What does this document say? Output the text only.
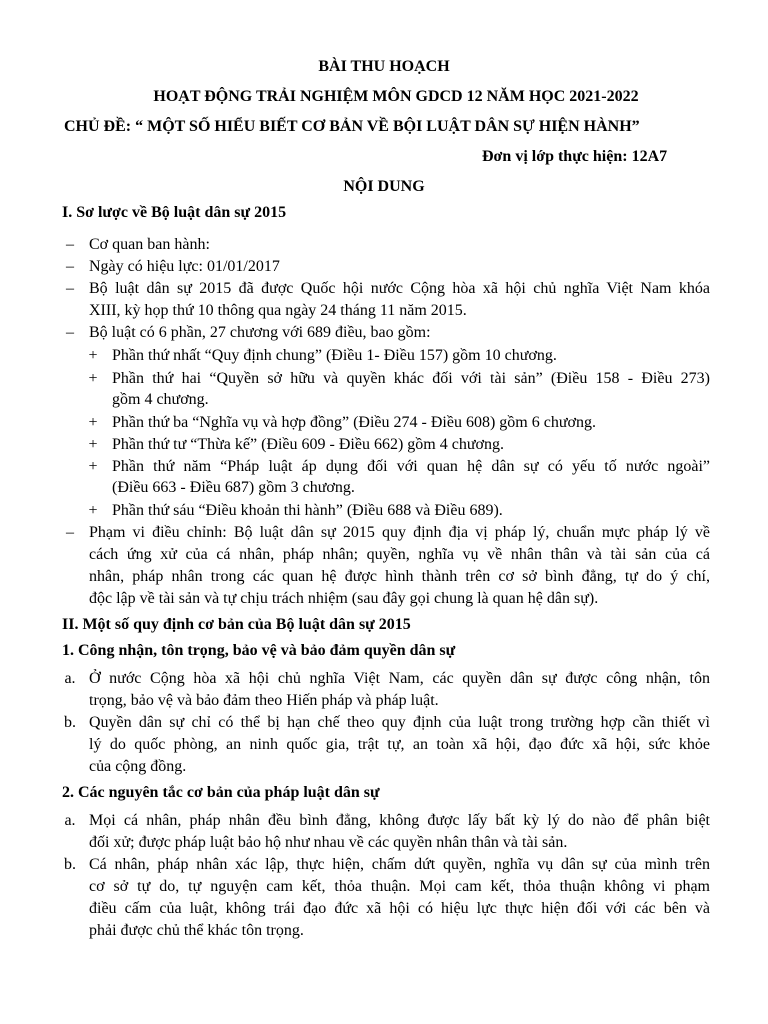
BÀI THU HOẠCH
HOẠT ĐỘNG TRẢI NGHIỆM MÔN GDCD 12 NĂM HỌC 2021-2022
CHỦ ĐỀ: “ MỘT SỐ HIỂU BIẾT CƠ BẢN VỀ BỘI LUẬT DÂN SỰ HIỆN HÀNH”
Đơn vị lớp thực hiện: 12A7
NỘI DUNG
I. Sơ lược về Bộ luật dân sự 2015
– Cơ quan ban hành:
– Ngày có hiệu lực: 01/01/2017
– Bộ luật dân sự 2015 đã được Quốc hội nước Cộng hòa xã hội chủ nghĩa Việt Nam khóa
XIII, kỳ họp thứ 10 thông qua ngày 24 tháng 11 năm 2015.
– Bộ luật có 6 phần, 27 chương với 689 điều, bao gồm:
+ Phần thứ nhất “Quy định chung” (Điều 1- Điều 157) gồm 10 chương.
+ Phần thứ hai “Quyền sở hữu và quyền khác đối với tài sản” (Điều 158 - Điều 273)
gồm 4 chương.
+ Phần thứ ba “Nghĩa vụ và hợp đồng” (Điều 274 - Điều 608) gồm 6 chương.
+ Phần thứ tư “Thừa kế” (Điều 609 - Điều 662) gồm 4 chương.
+ Phần thứ năm “Pháp luật áp dụng đối với quan hệ dân sự có yếu tố nước ngoài”
(Điều 663 - Điều 687) gồm 3 chương.
+ Phần thứ sáu “Điều khoản thi hành” (Điều 688 và Điều 689).
– Phạm vi điều chỉnh: Bộ luật dân sự 2015 quy định địa vị pháp lý, chuẩn mực pháp lý về
cách ứng xử của cá nhân, pháp nhân; quyền, nghĩa vụ về nhân thân và tài sản của cá
nhân, pháp nhân trong các quan hệ được hình thành trên cơ sở bình đẳng, tự do ý chí,
độc lập về tài sản và tự chịu trách nhiệm (sau đây gọi chung là quan hệ dân sự).
II. Một số quy định cơ bản của Bộ luật dân sự 2015
1. Công nhận, tôn trọng, bảo vệ và bảo đảm quyền dân sự
a. Ở nước Cộng hòa xã hội chủ nghĩa Việt Nam, các quyền dân sự được công nhận, tôn
trọng, bảo vệ và bảo đảm theo Hiến pháp và pháp luật.
b. Quyền dân sự chỉ có thể bị hạn chế theo quy định của luật trong trường hợp cần thiết vì
lý do quốc phòng, an ninh quốc gia, trật tự, an toàn xã hội, đạo đức xã hội, sức khỏe
của cộng đồng.
2. Các nguyên tắc cơ bản của pháp luật dân sự
a. Mọi cá nhân, pháp nhân đều bình đẳng, không được lấy bất kỳ lý do nào để phân biệt
đối xử; được pháp luật bảo hộ như nhau về các quyền nhân thân và tài sản.
b. Cá nhân, pháp nhân xác lập, thực hiện, chấm dứt quyền, nghĩa vụ dân sự của mình trên
cơ sở tự do, tự nguyện cam kết, thỏa thuận. Mọi cam kết, thỏa thuận không vi phạm
điều cấm của luật, không trái đạo đức xã hội có hiệu lực thực hiện đối với các bên và
phải được chủ thể khác tôn trọng.
